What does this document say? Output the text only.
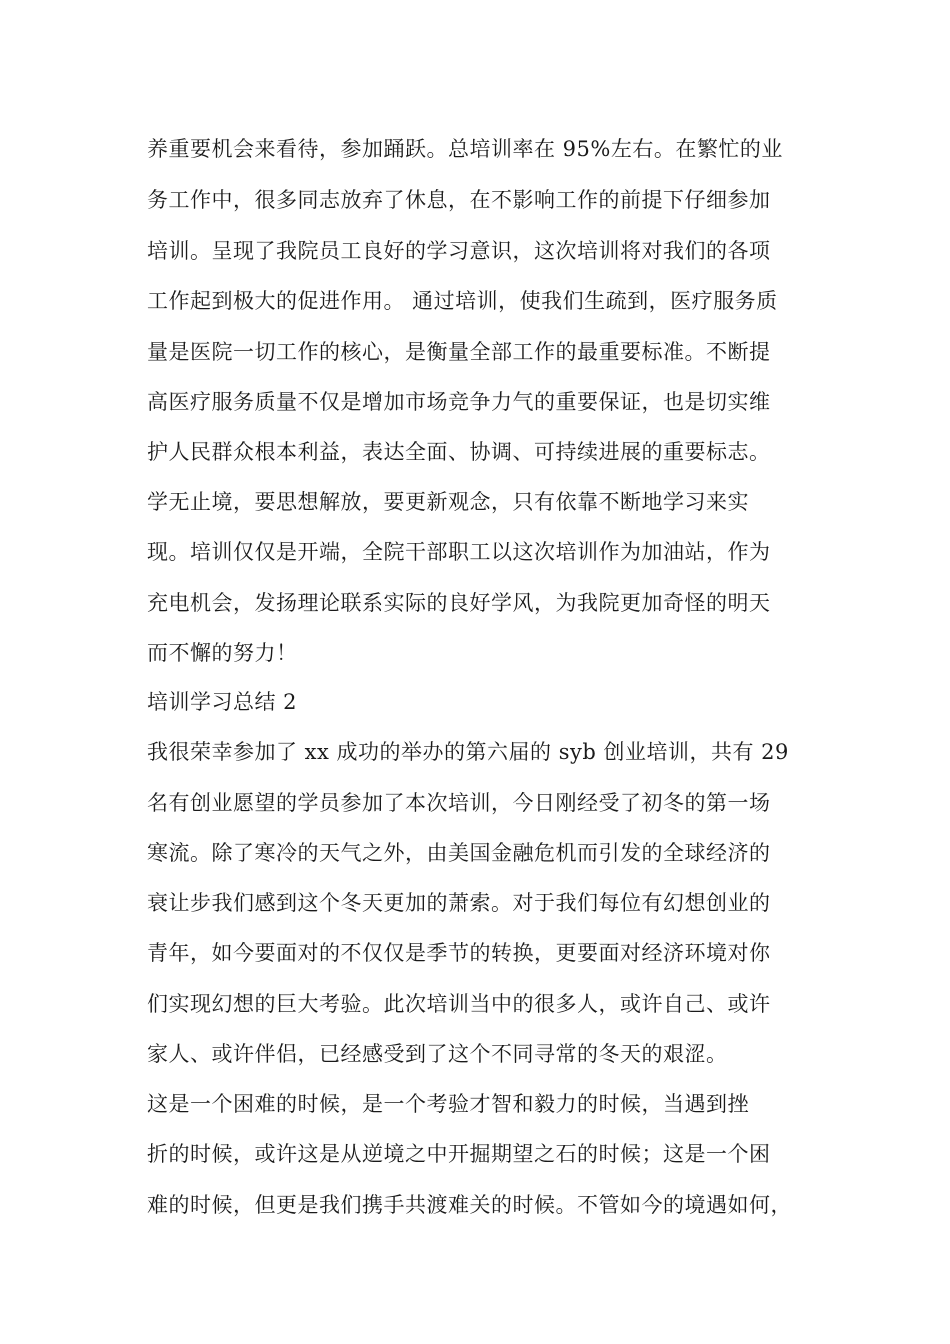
养重要机会来看待，参加踊跃。总培训率在 95%左右。在繁忙的业
务工作中，很多同志放弃了休息，在不影响工作的前提下仔细参加
培训。呈现了我院员工良好的学习意识，这次培训将对我们的各项
工作起到极大的促进作用。 通过培训，使我们生疏到，医疗服务质
量是医院一切工作的核心，是衡量全部工作的最重要标准。不断提
高医疗服务质量不仅是增加市场竞争力气的重要保证，也是切实维
护人民群众根本利益，表达全面、协调、可持续进展的重要标志。
学无止境，要思想解放，要更新观念，只有依靠不断地学习来实
现。培训仅仅是开端，全院干部职工以这次培训作为加油站，作为
充电机会，发扬理论联系实际的良好学风，为我院更加奇怪的明天
而不懈的努力！
培训学习总结 2
我很荣幸参加了 xx 成功的举办的第六届的 syb 创业培训，共有 29
名有创业愿望的学员参加了本次培训，今日刚经受了初冬的第一场
寒流。除了寒冷的天气之外，由美国金融危机而引发的全球经济的
衰让步我们感到这个冬天更加的萧索。对于我们每位有幻想创业的
青年，如今要面对的不仅仅是季节的转换，更要面对经济环境对你
们实现幻想的巨大考验。此次培训当中的很多人，或许自己、或许
家人、或许伴侣，已经感受到了这个不同寻常的冬天的艰涩。
这是一个困难的时候，是一个考验才智和毅力的时候，当遇到挫
折的时候，或许这是从逆境之中开掘期望之石的时候；这是一个困
难的时候，但更是我们携手共渡难关的时候。不管如今的境遇如何，
